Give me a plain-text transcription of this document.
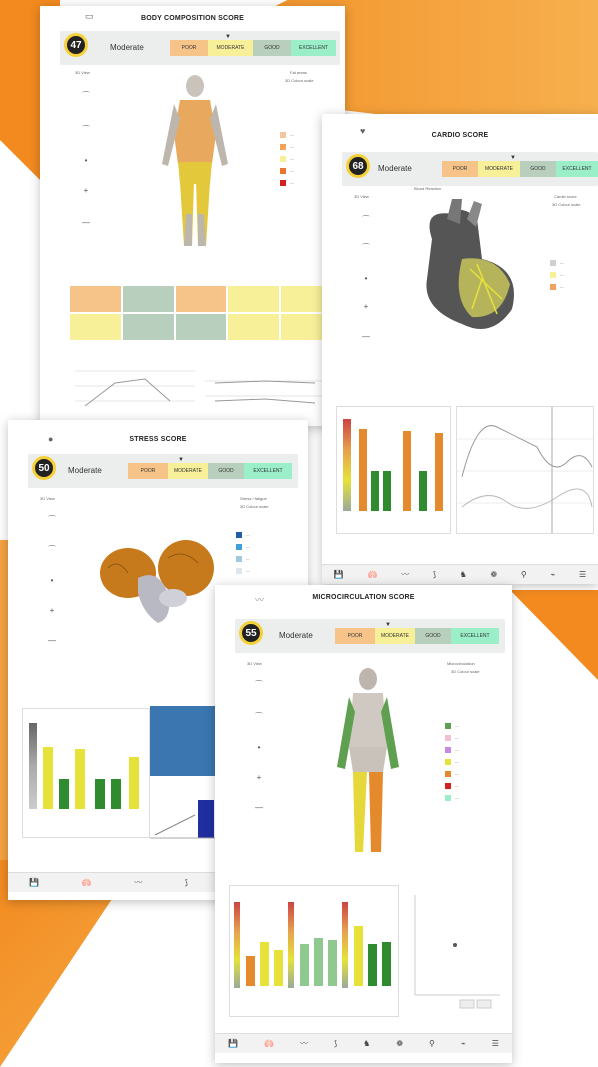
▭	BODY COMPOSITION SCORE
47	Moderate	POOR	MODERATE
▼
GOOD	EXCELLENT
3D View	Fat areas
3D Colour scale
⌒
⌒
•
+
—
—
—
—
—
—
♥	CARDIO SCORE
68	Moderate	POOR	MODERATE
▼
GOOD	EXCELLENT
3D View
Blood Reaction
Cardio score
3D Colour scale
⌒
⌒
•
+
—
—
—
—
💾	🫁	〰	⟆	♞	❁	⚲	⌁	☰
●	STRESS SCORE
50	Moderate	POOR	MODERATE
▼
GOOD	EXCELLENT
3D View	Stress / fatigue
3D Colour scale
⌒
⌒
•
+
—
—
—
—
—
💾	🫁	〰	⟆
〰	MICROCIRCULATION SCORE
55	Moderate	POOR	MODERATE
▼
GOOD	EXCELLENT
3D View	Microcirculation
3D Colour scale
⌒
⌒
•
+
—
—
—
—
—
—
—
—
💾	🫁	〰	⟆	♞	❁	⚲	⌁	☰
